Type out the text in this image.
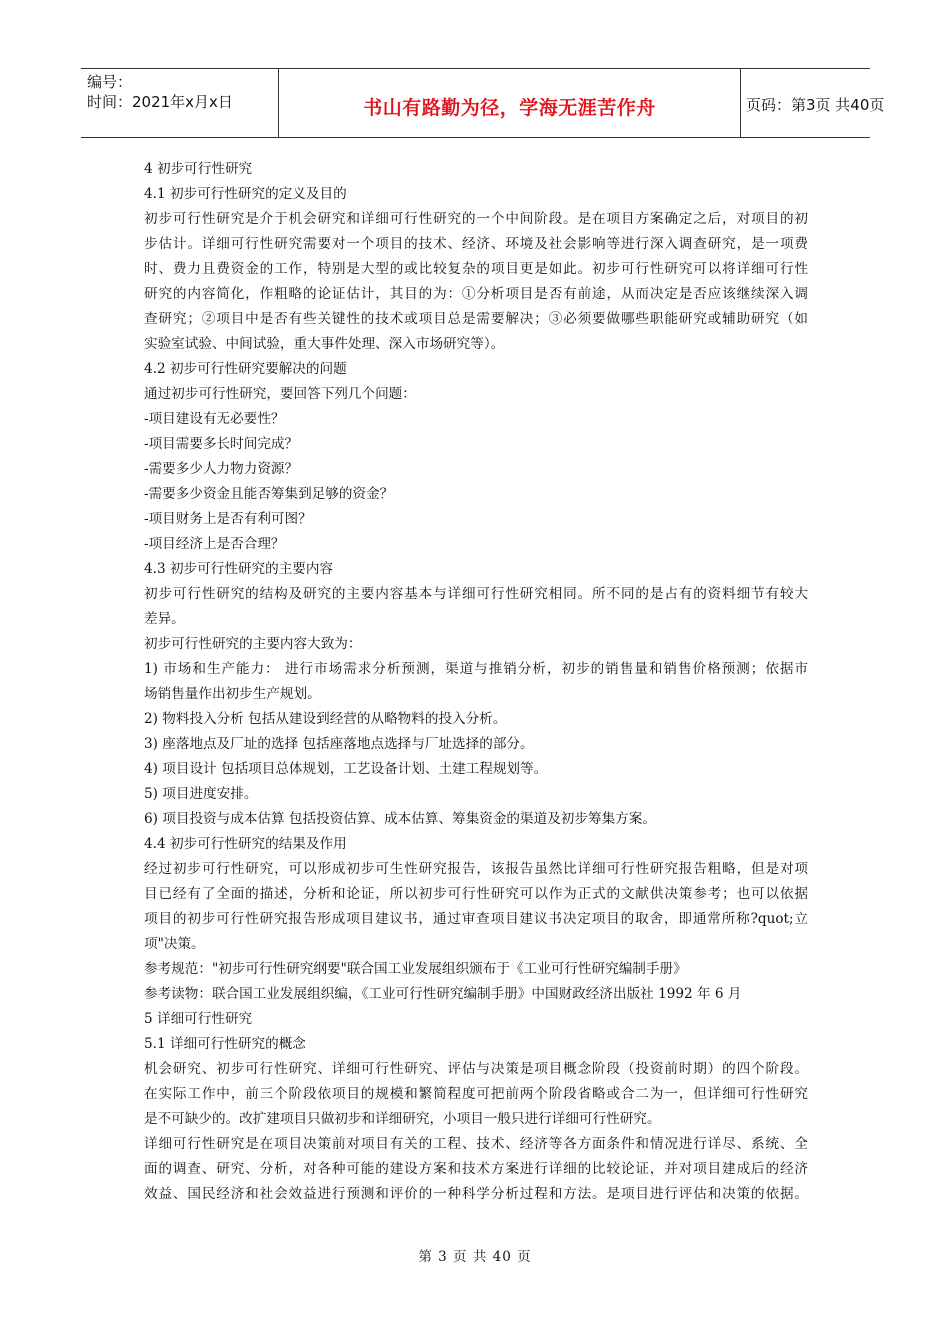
编号：
时间：2021年x月x日	书山有路勤为径，学海无涯苦作舟	页码：第3页 共40页
4 初步可行性研究
4.1 初步可行性研究的定义及目的
初步可行性研究是介于机会研究和详细可行性研究的一个中间阶段。是在项目方案确定之后，对项目的初
步估计。详细可行性研究需要对一个项目的技术、经济、环境及社会影响等进行深入调查研究，是一项费
时、费力且费资金的工作，特别是大型的或比较复杂的项目更是如此。初步可行性研究可以将详细可行性
研究的内容简化，作粗略的论证估计，其目的为：①分析项目是否有前途，从而决定是否应该继续深入调
查研究；②项目中是否有些关键性的技术或项目总是需要解决；③必须要做哪些职能研究或辅助研究（如
实验室试验、中间试验，重大事件处理、深入市场研究等）。
4.2 初步可行性研究要解决的问题
通过初步可行性研究，要回答下列几个问题：
-项目建设有无必要性？
-项目需要多长时间完成？
-需要多少人力物力资源？
-需要多少资金且能否筹集到足够的资金？
-项目财务上是否有利可图？
-项目经济上是否合理？
4.3 初步可行性研究的主要内容
初步可行性研究的结构及研究的主要内容基本与详细可行性研究相同。所不同的是占有的资料细节有较大
差异。
初步可行性研究的主要内容大致为：
1) 市场和生产能力： 进行市场需求分析预测，渠道与推销分析，初步的销售量和销售价格预测；依据市
场销售量作出初步生产规划。
2) 物料投入分析 包括从建设到经营的从略物料的投入分析。
3) 座落地点及厂址的选择 包括座落地点选择与厂址选择的部分。
4) 项目设计 包括项目总体规划，工艺设备计划、土建工程规划等。
5) 项目进度安排。
6) 项目投资与成本估算 包括投资估算、成本估算、筹集资金的渠道及初步筹集方案。
4.4 初步可行性研究的结果及作用
经过初步可行性研究，可以形成初步可生性研究报告，该报告虽然比详细可行性研究报告粗略，但是对项
目已经有了全面的描述，分析和论证，所以初步可行性研究可以作为正式的文献供决策参考；也可以依据
项目的初步可行性研究报告形成项目建议书，通过审查项目建议书决定项目的取舍，即通常所称?quot;立
项"决策。
参考规范："初步可行性研究纲要"联合国工业发展组织颁布于《工业可行性研究编制手册》
参考读物：联合国工业发展组织编，《工业可行性研究编制手册》中国财政经济出版社 1992 年 6 月
5 详细可行性研究
5.1 详细可行性研究的概念
机会研究、初步可行性研究、详细可行性研究、评估与决策是项目概念阶段（投资前时期）的四个阶段。
在实际工作中，前三个阶段依项目的规模和繁简程度可把前两个阶段省略或合二为一，但详细可行性研究
是不可缺少的。改扩建项目只做初步和详细研究，小项目一般只进行详细可行性研究。
详细可行性研究是在项目决策前对项目有关的工程、技术、经济等各方面条件和情况进行详尽、系统、全
面的调查、研究、分析，对各种可能的建设方案和技术方案进行详细的比较论证，并对项目建成后的经济
效益、国民经济和社会效益进行预测和评价的一种科学分析过程和方法。是项目进行评估和决策的依据。
第 3 页 共 40 页
